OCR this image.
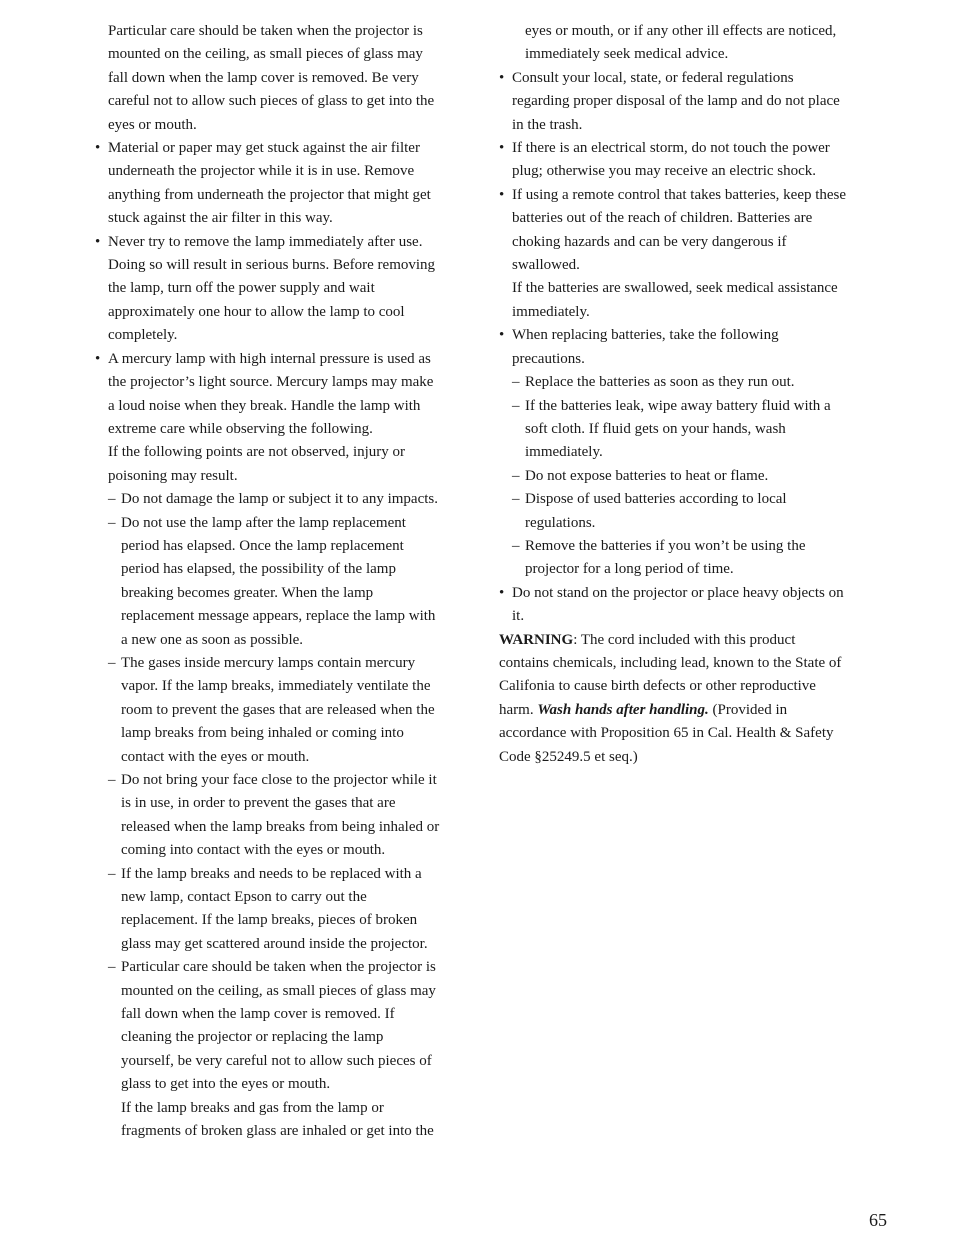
Particular care should be taken when the projector is mounted on the ceiling, as small pieces of glass may fall down when the lamp cover is removed. Be very careful not to allow such pieces of glass to get into the eyes or mouth.

• Material or paper may get stuck against the air filter underneath the projector while it is in use. Remove anything from underneath the projector that might get stuck against the air filter in this way.
• Never try to remove the lamp immediately after use. Doing so will result in serious burns. Before removing the lamp, turn off the power supply and wait approximately one hour to allow the lamp to cool completely.
• A mercury lamp with high internal pressure is used as the projector’s light source. Mercury lamps may make a loud noise when they break. Handle the lamp with extreme care while observing the following.

If the following points are not observed, injury or poisoning may result.

– Do not damage the lamp or subject it to any impacts.
– Do not use the lamp after the lamp replacement period has elapsed. Once the lamp replacement period has elapsed, the possibility of the lamp breaking becomes greater. When the lamp replacement message appears, replace the lamp with a new one as soon as possible.
– The gases inside mercury lamps contain mercury vapor. If the lamp breaks, immediately ventilate the room to prevent the gases that are released when the lamp breaks from being inhaled or coming into contact with the eyes or mouth.
– Do not bring your face close to the projector while it is in use, in order to prevent the gases that are released when the lamp breaks from being inhaled or coming into contact with the eyes or mouth.
– If the lamp breaks and needs to be replaced with a new lamp, contact Epson to carry out the replacement. If the lamp breaks, pieces of broken glass may get scattered around inside the projector.
– Particular care should be taken when the projector is mounted on the ceiling, as small pieces of glass may fall down when the lamp cover is removed. If cleaning the projector or replacing the lamp yourself, be very careful not to allow such pieces of glass to get into the eyes or mouth.

If the lamp breaks and gas from the lamp or fragments of broken glass are inhaled or get into the

eyes or mouth, or if any other ill effects are noticed, immediately seek medical advice.

• Consult your local, state, or federal regulations regarding proper disposal of the lamp and do not place in the trash.
• If there is an electrical storm, do not touch the power plug; otherwise you may receive an electric shock.
• If using a remote control that takes batteries, keep these batteries out of the reach of children. Batteries are choking hazards and can be very dangerous if swallowed.

If the batteries are swallowed, seek medical assistance immediately.

• When replacing batteries, take the following precautions.
– Replace the batteries as soon as they run out.
– If the batteries leak, wipe away battery fluid with a soft cloth. If fluid gets on your hands, wash immediately.
– Do not expose batteries to heat or flame.
– Dispose of used batteries according to local regulations.
– Remove the batteries if you won’t be using the projector for a long period of time.
• Do not stand on the projector or place heavy objects on it.

WARNING: The cord included with this product contains chemicals, including lead, known to the State of Califonia to cause birth defects or other reproductive harm. Wash hands after handling. (Provided in accordance with Proposition 65 in Cal. Health & Safety Code §25249.5 et seq.)

65
